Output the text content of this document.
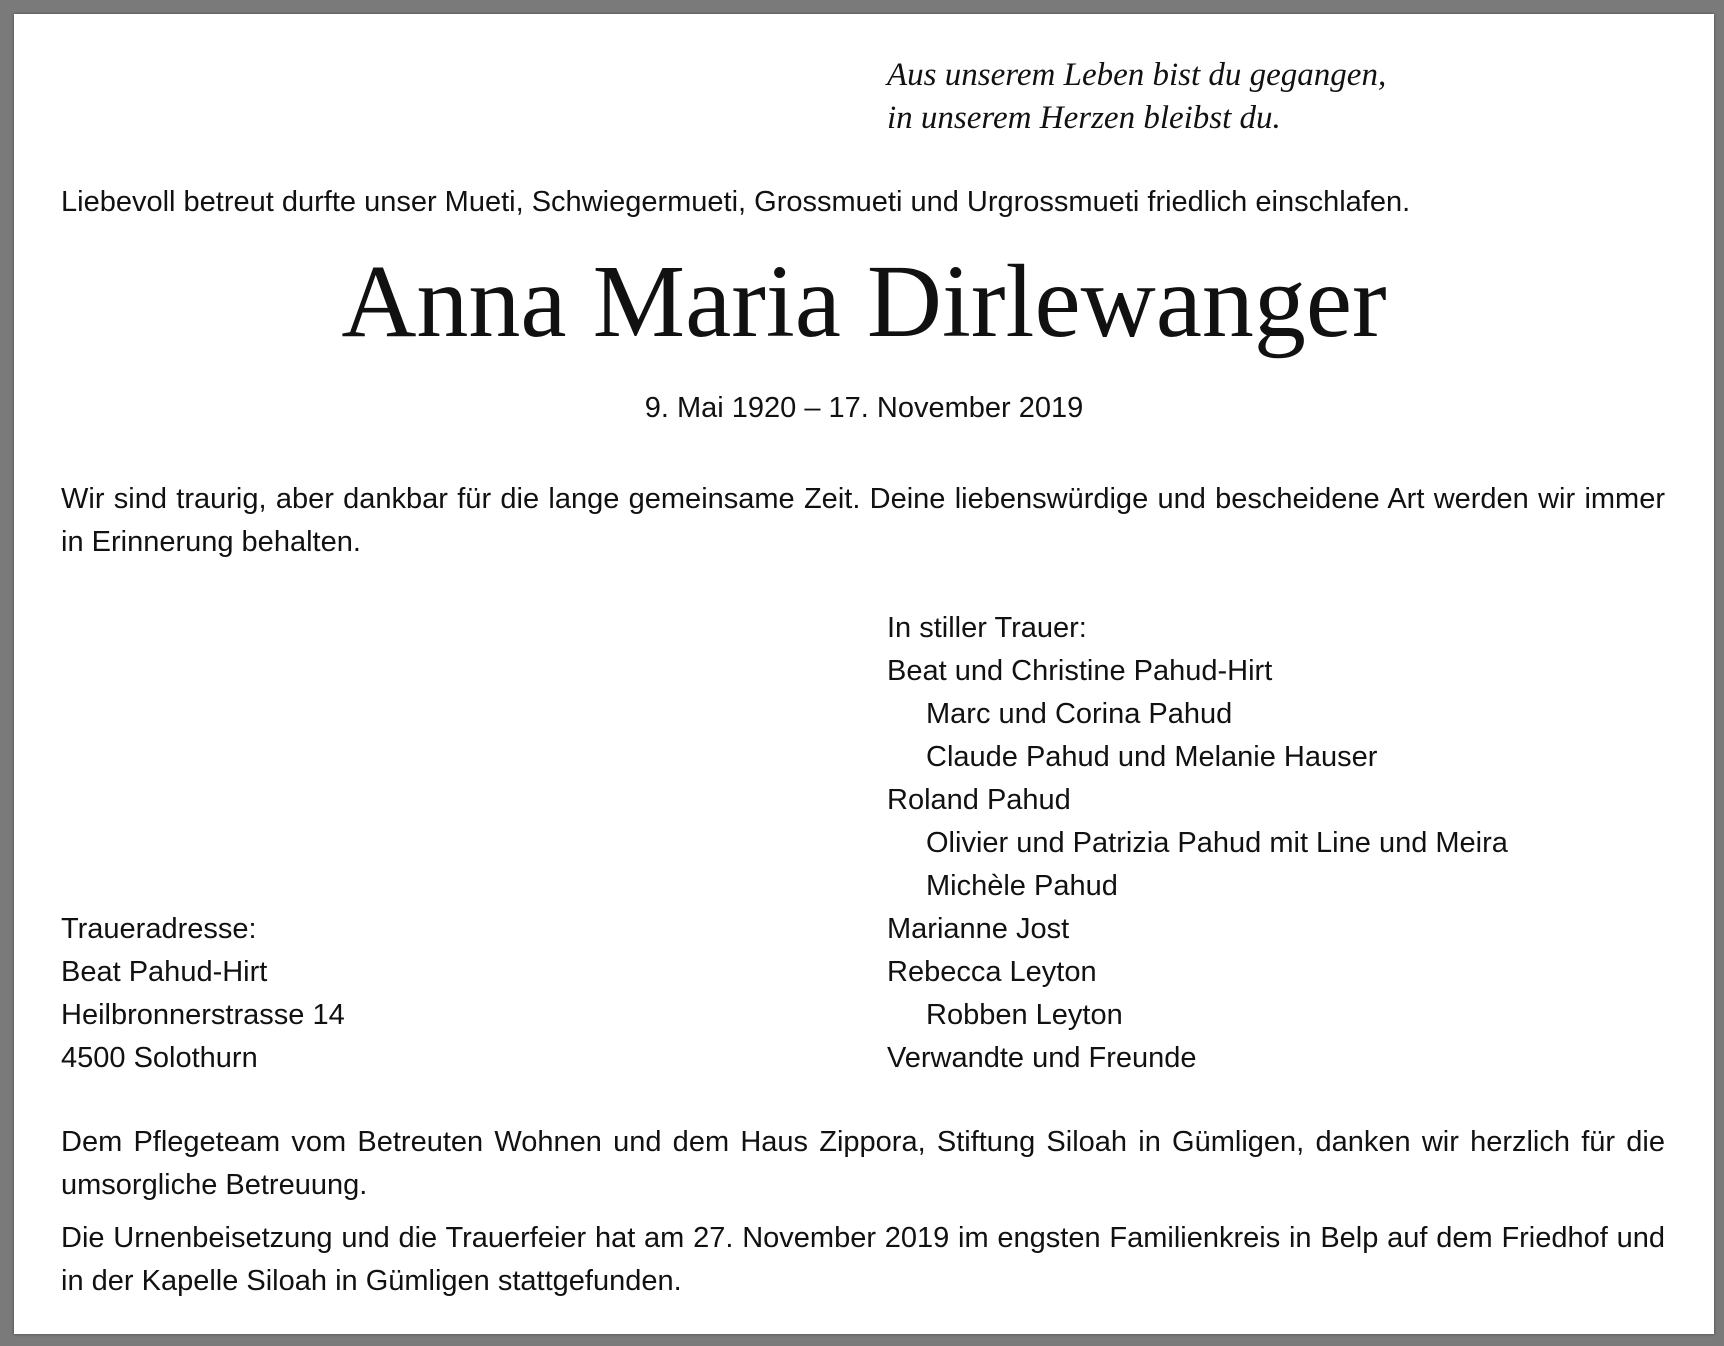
Aus unserem Leben bist du gegangen,
in unserem Herzen bleibst du.
Liebevoll betreut durfte unser Mueti, Schwiegermueti, Grossmueti und Urgrossmueti friedlich einschlafen.
Anna Maria Dirlewanger
9. Mai 1920 – 17. November 2019
Wir sind traurig, aber dankbar für die lange gemeinsame Zeit. Deine liebenswürdige und bescheidene Art werden wir immer in Erinnerung behalten.
In stiller Trauer:
Beat und Christine Pahud-Hirt
Marc und Corina Pahud
Claude Pahud und Melanie Hauser
Roland Pahud
Olivier und Patrizia Pahud mit Line und Meira
Michèle Pahud
Marianne Jost
Rebecca Leyton
Robben Leyton
Verwandte und Freunde
Traueradresse:
Beat Pahud-Hirt
Heilbronnerstrasse 14
4500 Solothurn
Dem Pflegeteam vom Betreuten Wohnen und dem Haus Zippora, Stiftung Siloah in Gümligen, danken wir herzlich für die umsorgliche Betreuung.
Die Urnenbeisetzung und die Trauerfeier hat am 27. November 2019 im engsten Familienkreis in Belp auf dem Friedhof und in der Kapelle Siloah in Gümligen stattgefunden.
